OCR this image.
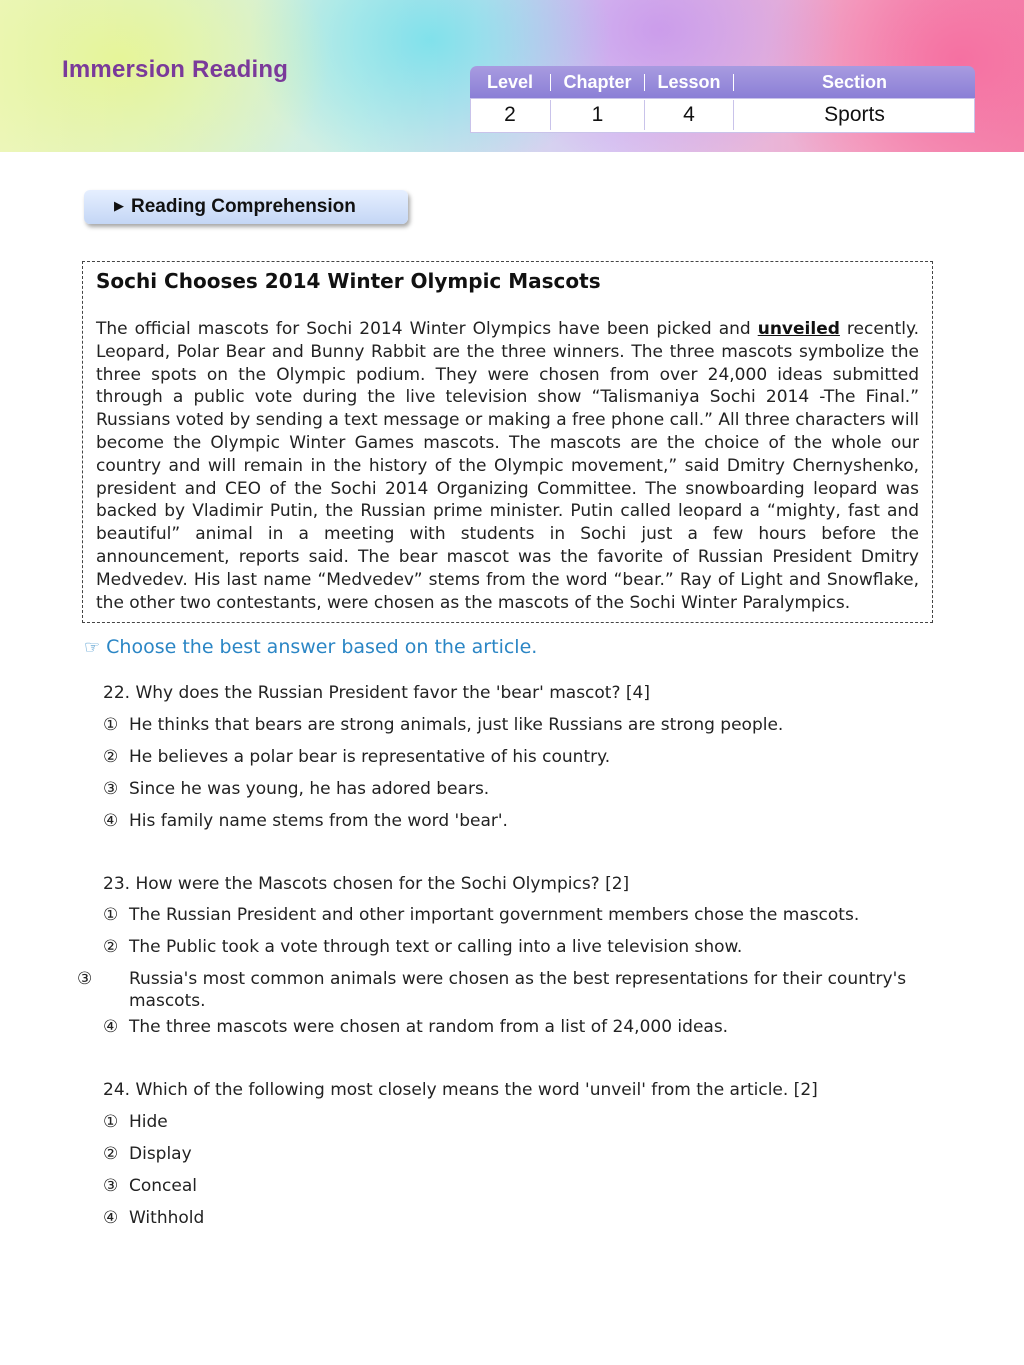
Immersion Reading	Level	Chapter	Lesson	Section
2	1	4	Sports
▶ Reading Comprehension
Sochi Chooses 2014 Winter Olympic Mascots
The official mascots for Sochi 2014 Winter Olympics have been picked and unveiled recently. Leopard, Polar Bear and Bunny Rabbit are the three winners. The three mascots symbolize the three spots on the Olympic podium. They were chosen from over 24,000 ideas submitted through a public vote during the live television show “Talismaniya Sochi 2014 -The Final.” Russians voted by sending a text message or making a free phone call.” All three characters will become the Olympic Winter Games mascots. The mascots are the choice of the whole our country and will remain in the history of the Olympic movement,” said Dmitry Chernyshenko, president and CEO of the Sochi 2014 Organizing Committee. The snowboarding leopard was backed by Vladimir Putin, the Russian prime minister. Putin called leopard a “mighty, fast and beautiful” animal in a meeting with students in Sochi just a few hours before the announcement, reports said. The bear mascot was the favorite of Russian President Dmitry Medvedev. His last name “Medvedev” stems from the word “bear.” Ray of Light and Snowflake, the other two contestants, were chosen as the mascots of the Sochi Winter Paralympics.
☞ Choose the best answer based on the article.
22. Why does the Russian President favor the 'bear' mascot? [4]
① He thinks that bears are strong animals, just like Russians are strong people.
② He believes a polar bear is representative of his country.
③ Since he was young, he has adored bears.
④ His family name stems from the word 'bear'.
23. How were the Mascots chosen for the Sochi Olympics? [2]
① The Russian President and other important government members chose the mascots.
② The Public took a vote through text or calling into a live television show.
③ Russia's most common animals were chosen as the best representations for their country's mascots.
④ The three mascots were chosen at random from a list of 24,000 ideas.
24. Which of the following most closely means the word 'unveil' from the article. [2]
① Hide
② Display
③ Conceal
④ Withhold
